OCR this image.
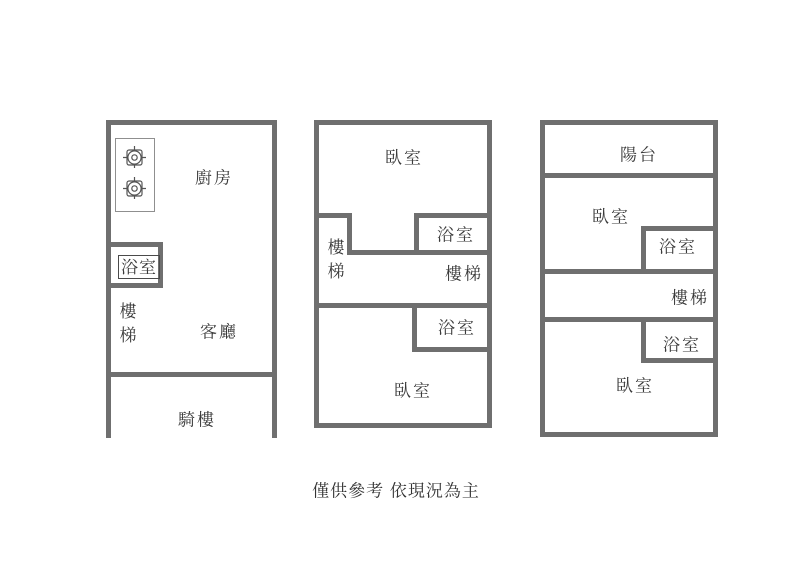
廚房
浴室
樓梯	客廳
騎樓
臥室
浴室
樓梯	樓梯
浴室
臥室
陽台
臥室
浴室
樓梯
浴室
臥室
僅供參考 依現況為主
